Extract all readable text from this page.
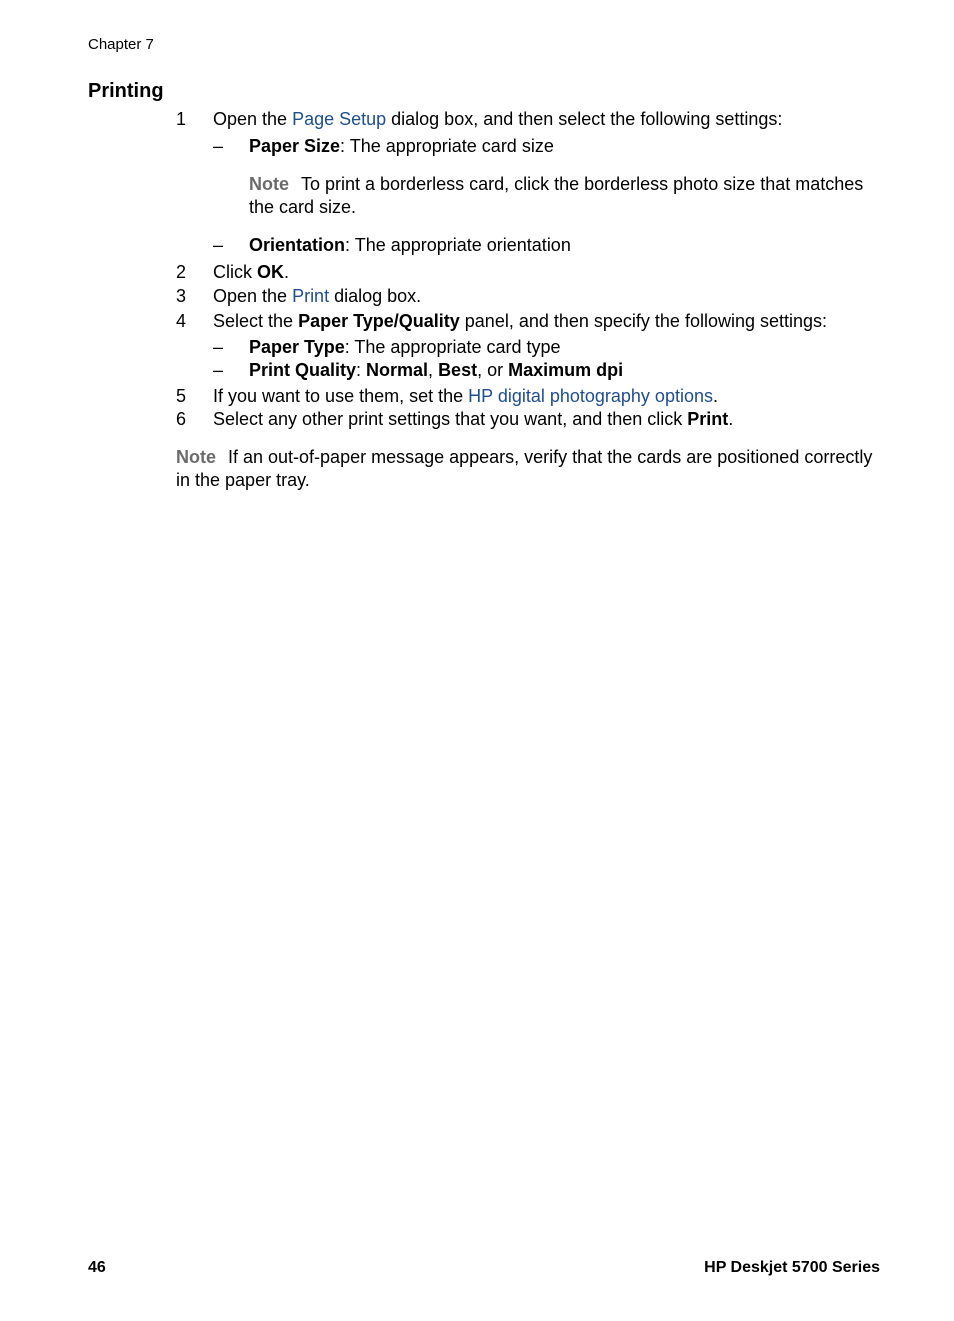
Chapter 7
Printing
1 Open the Page Setup dialog box, and then select the following settings:
– Paper Size: The appropriate card size
Note To print a borderless card, click the borderless photo size that matches the card size.
– Orientation: The appropriate orientation
2 Click OK.
3 Open the Print dialog box.
4 Select the Paper Type/Quality panel, and then specify the following settings:
– Paper Type: The appropriate card type
– Print Quality: Normal, Best, or Maximum dpi
5 If you want to use them, set the HP digital photography options.
6 Select any other print settings that you want, and then click Print.
Note If an out-of-paper message appears, verify that the cards are positioned correctly in the paper tray.
46	HP Deskjet 5700 Series
